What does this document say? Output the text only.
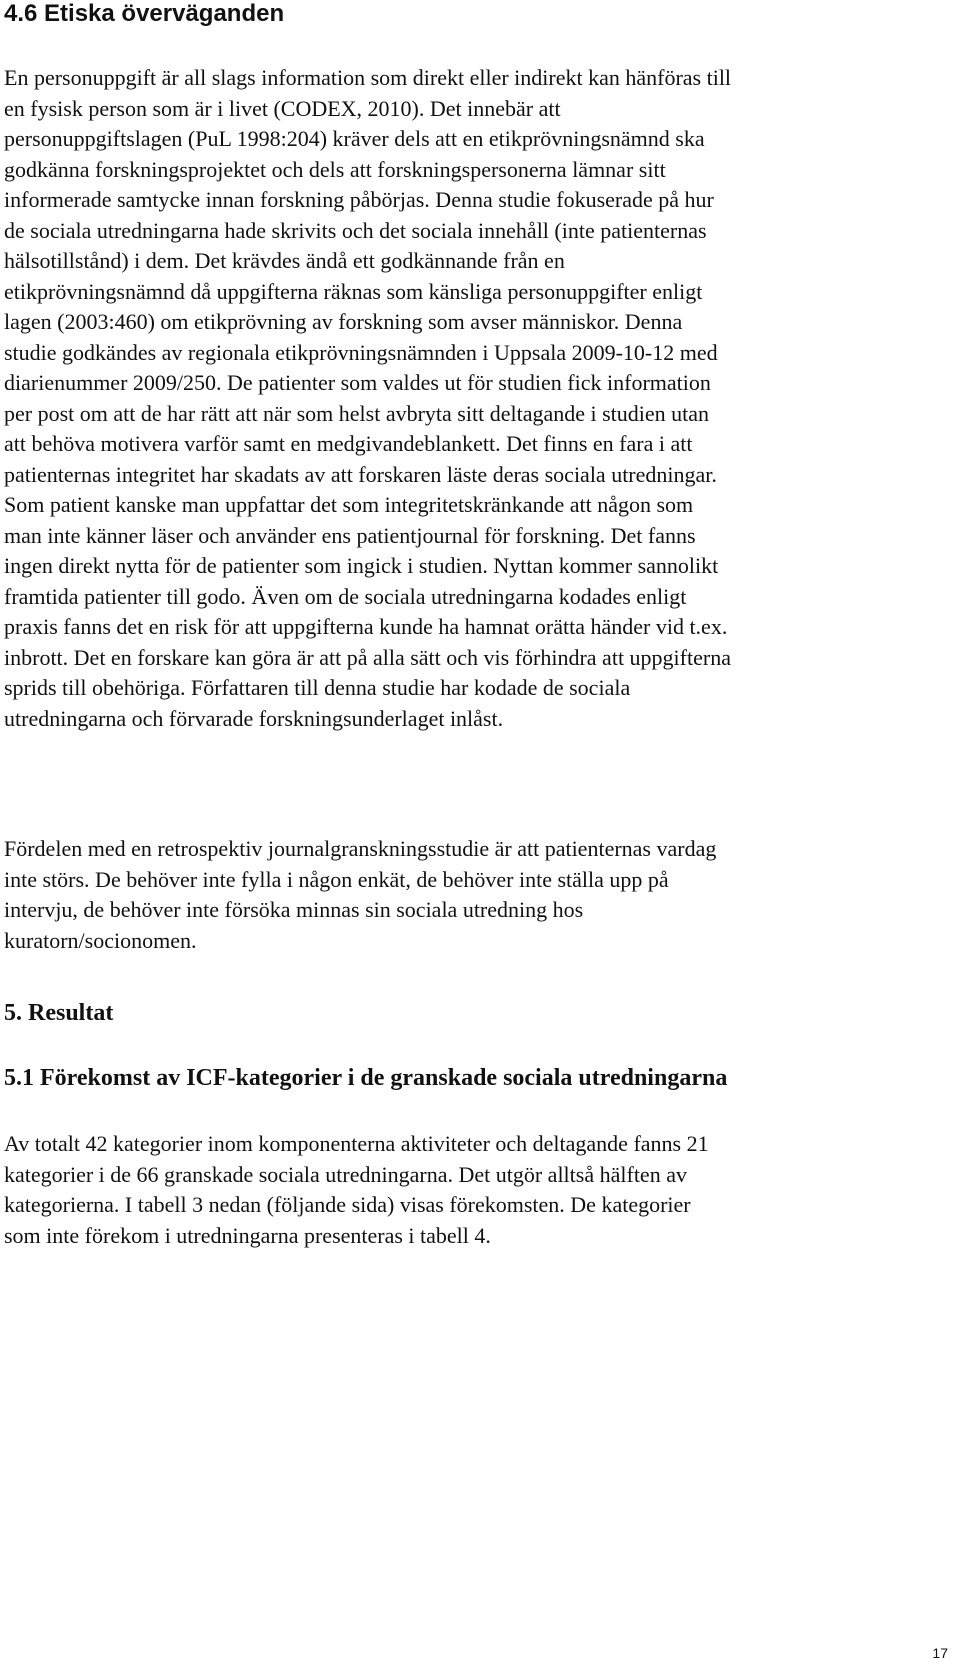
4.6 Etiska överväganden

En personuppgift är all slags information som direkt eller indirekt kan hänföras till
en fysisk person som är i livet (CODEX, 2010). Det innebär att
personuppgiftslagen (PuL 1998:204) kräver dels att en etikprövningsnämnd ska
godkänna forskningsprojektet och dels att forskningspersonerna lämnar sitt
informerade samtycke innan forskning påbörjas. Denna studie fokuserade på hur
de sociala utredningarna hade skrivits och det sociala innehåll (inte patienternas
hälsotillstånd) i dem. Det krävdes ändå ett godkännande från en
etikprövningsnämnd då uppgifterna räknas som känsliga personuppgifter enligt
lagen (2003:460) om etikprövning av forskning som avser människor. Denna
studie godkändes av regionala etikprövningsnämnden i Uppsala 2009-10-12 med
diarienummer 2009/250. De patienter som valdes ut för studien fick information
per post om att de har rätt att när som helst avbryta sitt deltagande i studien utan
att behöva motivera varför samt en medgivandeblankett. Det finns en fara i att
patienternas integritet har skadats av att forskaren läste deras sociala utredningar.
Som patient kanske man uppfattar det som integritetskränkande att någon som
man inte känner läser och använder ens patientjournal för forskning. Det fanns
ingen direkt nytta för de patienter som ingick i studien. Nyttan kommer sannolikt
framtida patienter till godo. Även om de sociala utredningarna kodades enligt
praxis fanns det en risk för att uppgifterna kunde ha hamnat orätta händer vid t.ex.
inbrott. Det en forskare kan göra är att på alla sätt och vis förhindra att uppgifterna
sprids till obehöriga. Författaren till denna studie har kodade de sociala
utredningarna och förvarade forskningsunderlaget inlåst.

Fördelen med en retrospektiv journalgranskningsstudie är att patienternas vardag
inte störs. De behöver inte fylla i någon enkät, de behöver inte ställa upp på
intervju, de behöver inte försöka minnas sin sociala utredning hos
kuratorn/socionomen.

5. Resultat
5.1 Förekomst av ICF-kategorier i de granskade sociala utredningarna

Av totalt 42 kategorier inom komponenterna aktiviteter och deltagande fanns 21
kategorier i de 66 granskade sociala utredningarna. Det utgör alltså hälften av
kategorierna. I tabell 3 nedan (följande sida) visas förekomsten. De kategorier
som inte förekom i utredningarna presenteras i tabell 4.

17
